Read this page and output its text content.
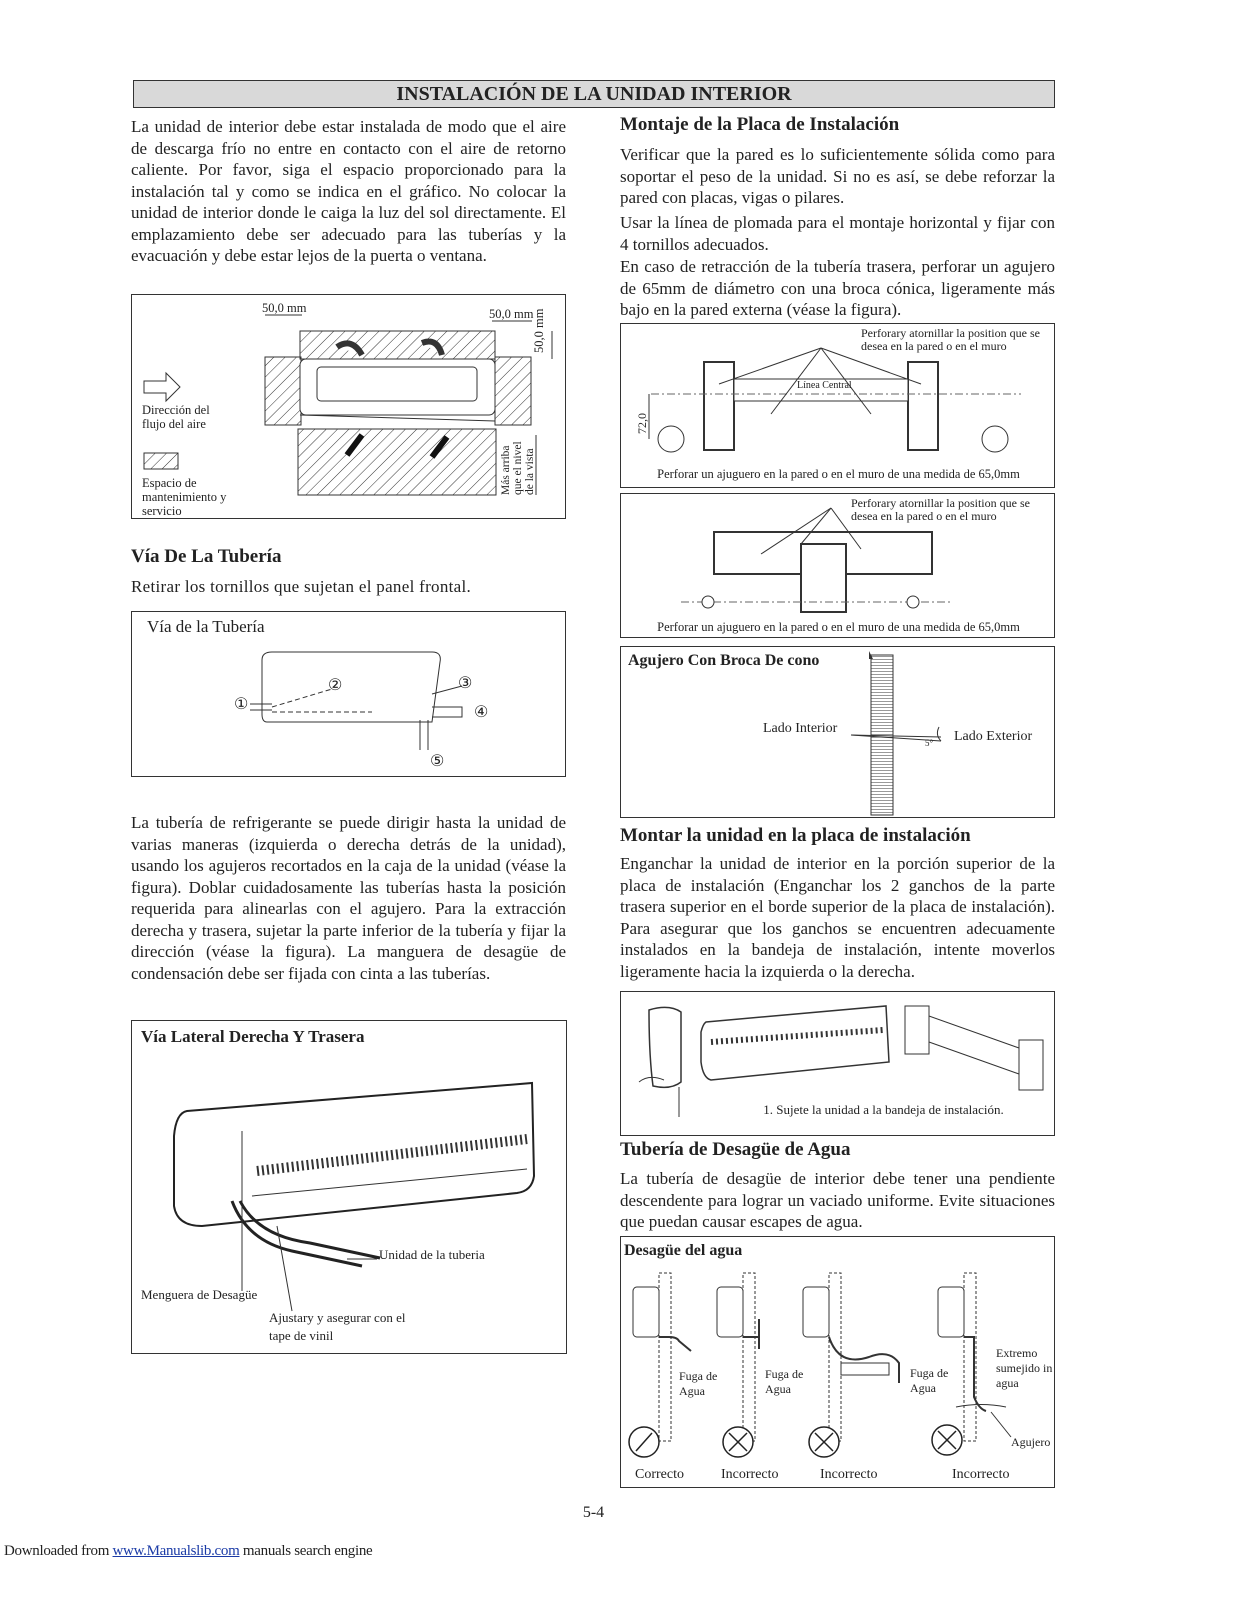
INSTALACIÓN DE LA UNIDAD INTERIOR

La unidad de interior debe estar instalada de modo que el aire de descarga frío no entre en contacto con el aire de retorno caliente. Por favor, siga el espacio proporcionado para la instalación tal y como se indica en el gráfico. No colocar la unidad de interior donde le caiga la luz del sol directamente. El emplazamiento debe ser adecuado para las tuberías y la evacuación y debe estar lejos de la puerta o ventana.

50,0 mm	50,0 mm
50,0 mm
Dirección del flujo del aire
Espacio de mantenimiento y servicio
Más arriba que el nivel de la vista
Vía De La Tubería

Retirar los tornillos que sujetan el panel frontal.

Vía de la Tubería
①
②	③
④
⑤

La tubería de refrigerante se puede dirigir hasta la unidad de varias maneras (izquierda o derecha detrás de la unidad), usando los agujeros recortados en la caja de la unidad (véase la figura). Doblar cuidadosamente las tuberías hasta la posición requerida para alinearlas con el agujero. Para la extracción derecha y trasera, sujetar la parte inferior de la tubería y fijar la dirección (véase la figura). La manguera de desagüe de condensación debe ser fijada con cinta a las tuberías.

Vía Lateral Derecha Y Trasera
Unidad de la tuberia
Menguera de Desagüe
Ajustary y asegurar con el tape de vinil
Montaje de la Placa de Instalación

Verificar que la pared es lo suficientemente sólida como para soportar el peso de la unidad. Si no es así, se debe reforzar la pared con placas, vigas o pilares.

Usar la línea de plomada para el montaje horizontal y fijar con 4 tornillos adecuados.

En caso de retracción de la tubería trasera, perforar un agujero de 65mm de diámetro con una broca cónica, ligeramente más bajo en la pared externa (véase la figura).

Perforary atornillar la position que se desea en la pared o en el muro
Línea Central
72,0
Perforar un ajuguero en la pared o en el muro de una medida de 65,0mm
Perforary atornillar la position que se desea en la pared o en el muro
Perforar un ajuguero en la pared o en el muro de una medida de 65,0mm
Agujero Con Broca De cono
Lado Interior
Lado Exterior
5°
Montar la unidad en la placa de instalación

Enganchar la unidad de interior en la porción superior de la placa de instalación (Enganchar los 2 ganchos de la parte trasera superior en el borde superior de la placa de instalación). Para asegurar que los ganchos se encuentren adecuamente instalados en la bandeja de instalación, intente moverlos ligeramente hacia la izquierda o la derecha.

1. Sujete la unidad a la bandeja de instalación.
Tubería de Desagüe de Agua

La tubería de desagüe de interior debe tener una pendiente descendente para lograr un vaciado uniforme. Evite situaciones que puedan causar escapes de agua.

Desagüe del agua
Fuga de Agua
Fuga de Agua
Fuga de Agua
Extremo sumejido in agua
Agujero
Correcto	Incorrecto	Incorrecto	Incorrecto
5-4
Downloaded from www.Manualslib.com manuals search engine
